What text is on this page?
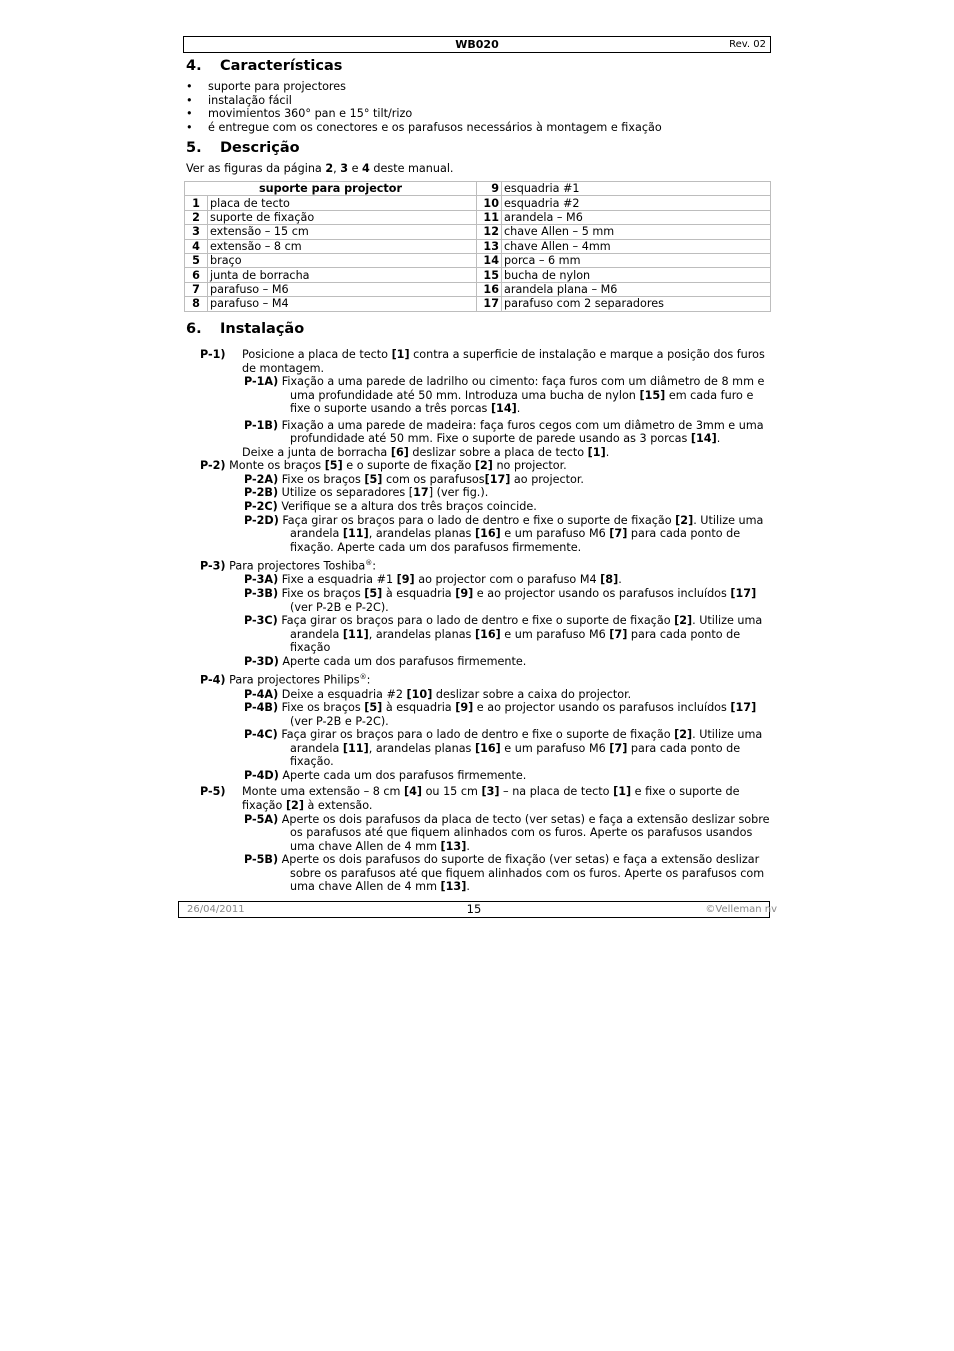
WB020	Rev. 02
4. Características
• suporte para projectores
• instalação fácil
• movimientos 360° pan e 15° tilt/rizo
• é entregue com os conectores e os parafusos necessários à montagem e fixação
5. Descrição
Ver as figuras da página 2, 3 e 4 deste manual.
suporte para projector		9	esquadria #1
1	placa de tecto	10	esquadria #2
2	suporte de fixação	11	arandela – M6
3	extensão – 15 cm	12	chave Allen – 5 mm
4	extensão – 8 cm	13	chave Allen – 4mm
5	braço	14	porca – 6 mm
6	junta de borracha	15	bucha de nylon
7	parafuso – M6	16	arandela plana – M6
8	parafuso – M4	17	parafuso com 2 separadores
6. Instalação

P-1) Posicione a placa de tecto [1] contra a superficie de instalação e marque a posição dos furos de montagem.

P-1A) Fixação a uma parede de ladrilho ou cimento: faça furos com um diâmetro de 8 mm e uma profundidade até 50 mm. Introduza uma bucha de nylon [15] em cada furo e fixe o suporte usando a três porcas [14].

P-1B) Fixação a uma parede de madeira: faça furos cegos com um diâmetro de 3mm e uma profundidade até 50 mm. Fixe o suporte de parede usando as 3 porcas [14].

Deixe a junta de borracha [6] deslizar sobre a placa de tecto [1].

P-2) Monte os braços [5] e o suporte de fixação [2] no projector.

P-2A) Fixe os braços [5] com os parafusos[17] ao projector.

P-2B) Utilize os separadores [17] (ver fig.).

P-2C) Verifique se a altura dos três braços coincide.

P-2D) Faça girar os braços para o lado de dentro e fixe o suporte de fixação [2]. Utilize uma arandela [11], arandelas planas [16] e um parafuso M6 [7] para cada ponto de fixação. Aperte cada um dos parafusos firmemente.

P-3) Para projectores Toshiba®:

P-3A) Fixe a esquadria #1 [9] ao projector com o parafuso M4 [8].

P-3B) Fixe os braços [5] à esquadria [9] e ao projector usando os parafusos incluídos [17] (ver P-2B e P-2C).

P-3C) Faça girar os braços para o lado de dentro e fixe o suporte de fixação [2]. Utilize uma arandela [11], arandelas planas [16] e um parafuso M6 [7] para cada ponto de fixação

P-3D) Aperte cada um dos parafusos firmemente.

P-4) Para projectores Philips®:

P-4A) Deixe a esquadria #2 [10] deslizar sobre a caixa do projector.

P-4B) Fixe os braços [5] à esquadria [9] e ao projector usando os parafusos incluídos [17] (ver P-2B e P-2C).

P-4C) Faça girar os braços para o lado de dentro e fixe o suporte de fixação [2]. Utilize uma arandela [11], arandelas planas [16] e um parafuso M6 [7] para cada ponto de fixação.

P-4D) Aperte cada um dos parafusos firmemente.

P-5) Monte uma extensão – 8 cm [4] ou 15 cm [3] – na placa de tecto [1] e fixe o suporte de fixação [2] à extensão.

P-5A) Aperte os dois parafusos da placa de tecto (ver setas) e faça a extensão deslizar sobre os parafusos até que fiquem alinhados com os furos. Aperte os parafusos usandos uma chave Allen de 4 mm [13].

P-5B) Aperte os dois parafusos do suporte de fixação (ver setas) e faça a extensão deslizar sobre os parafusos até que fiquem alinhados com os furos. Aperte os parafusos com uma chave Allen de 4 mm [13].

26/04/2011	15	©Velleman nv
